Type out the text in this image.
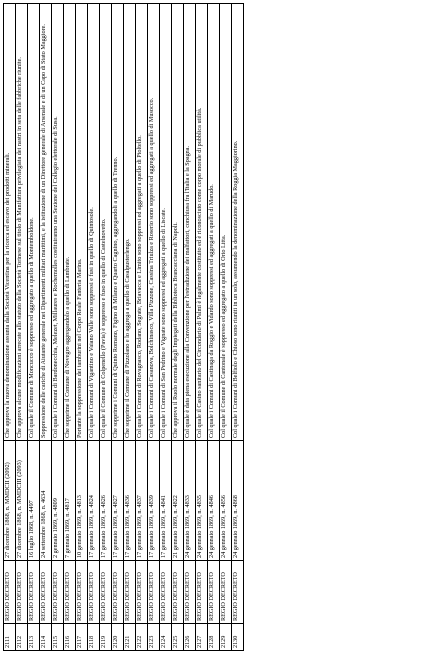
2111	REGIO DECRETO	27 dicembre 1868, n. MMDCII (2092)	Che approva la nuova denominazione assunta dalla Società Vicentina per la ricerca ed escavo dei prodotti minerali.
2112	REGIO DECRETO	27 dicembre 1868, n. MMDCIII (2093)	Che approva alcune modificazioni arrecate allo statuto della Società Torinese sul titolo di Manifattura privilegiata dei nastri in seta delle fabbriche riunite.
2113	REGIO DECRETO	16 luglio 1868, n. 4497	Col quale il Comune di Moncucco è soppresso ed aggregato a quello di Montemboldone.
2114	REGIO DECRETO	24 settembre 1868, n. 4634	Soppressione delle cariche di Aiutante generale nei Dipartimenti militari marittimi, e la istituzione di un Direttore generale di Arsenale e di un Capo di Stato Maggiore.
2115	REGIO DECRETO	2 gennaio 1869, n. 4809	Col quale i Comuni di Bardonecchia, Melezet, Millaures e Rochemolles costituiranno una Sezione del Collegio elettorale di Susa.
2116	REGIO DECRETO	7 gennaio 1869, n. 4817	Che sopprime il Comune di Novegro aggregandolo a quello di Lambrate.
2117	REGIO DECRETO	10 gennaio 1869, n. 4813	Portante la soppressione dei tamburini nel Corpo Reale Fanteria Marina.
2118	REGIO DECRETO	17 gennaio 1869, n. 4824	Col quale i Comuni di Vigantino e Vaiano Valle sono soppressi e fusi in quello di Quintosole.
2119	REGIO DECRETO	17 gennaio 1869, n. 4826	Col quale il Comune di Colpenello (Pavia) è soppresso e fuso in quello di Castelnovetto.
2120	REGIO DECRETO	17 gennaio 1869, n. 4827	Che sopprime i Comuni di Quinto Romano, Figino di Milano e Quarto Cagnino, aggregandoli a quello di Trenno.
2121	REGIO DECRETO	17 gennaio 1869, n. 4836	Che sopprime il Comune di Pizzolano e lo aggrega a quello di Casalpusterlengo.
2122	REGIO DECRETO	17 gennaio 1869, n. 4837	Col quale i Comuni di Rovagnasco, Rodano, Segrate, Briavacca e Limito sono soppressi ed aggregati a quello di Pioltello.
2123	REGIO DECRETO	17 gennaio 1869, n. 4839	Col quale i Comuni di Casanova, Bolchinasco, Villa Pizzone, Cassina Triulza e Roserio sono soppressi ed aggregati a quello di Musocco.
2124	REGIO DECRETO	17 gennaio 1869, n. 4841	Col quale i Comuni di San Pedrino e Vignate sono soppressi ed aggregati a quello di Liscate.
2125	REGIO DECRETO	21 gennaio 1869, n. 4822	Che approva il Ruolo normale degli Impiegati della Biblioteca Brancacciana di Napoli.
2126	REGIO DECRETO	24 gennaio 1869, n. 4833	Col quale è data piena esecuzione alla Convenzione per l'estradizione dei malfattori, conchiusa fra l'Italia e la Spagna.
2127	REGIO DECRETO	24 gennaio 1869, n. 4835	Col quale il Casino sanitario del Circondario di Palmi è legalmente costituito ed è riconosciuto come corpo morale di pubblica utilità.
2128	REGIO DECRETO	24 gennaio 1869, n. 4846	Col quale i Comuni di Castinaga da Roggio e Vidardo sono soppressi ed aggregati a quello di Marudo.
2129	REGIO DECRETO	24 gennaio 1869, n. 4856	Col quale il Comune di Cantonale è soppresso ed aggregato a quello di Orio Litta.
2130	REGIO DECRETO	24 gennaio 1869, n. 4868	Col quale i Comuni di Belfiolo e Chioso sono riuniti in un solo, assumendo la denominazione della Roggia Maggiorino.
